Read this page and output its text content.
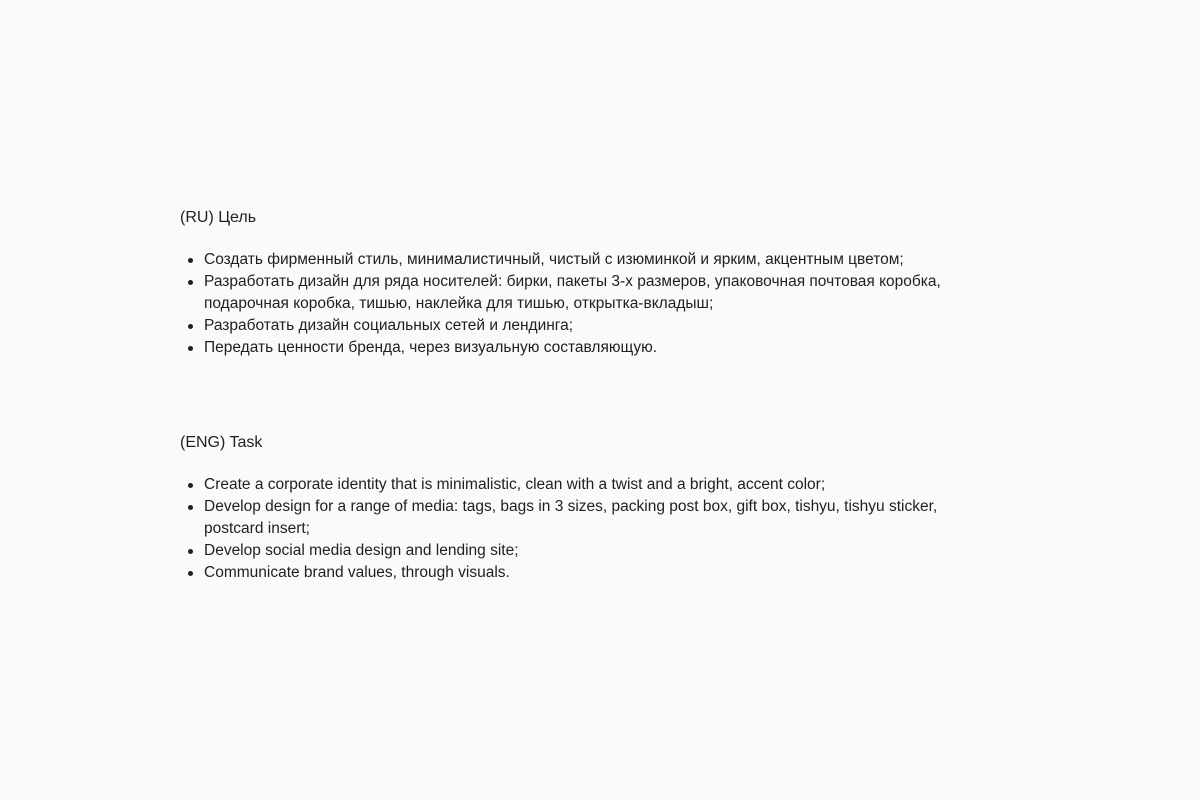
(RU) Цель
Создать фирменный стиль, минималистичный, чистый с изюминкой и ярким, акцентным цветом;
Разработать дизайн для ряда носителей: бирки, пакеты 3-х размеров, упаковочная почтовая коробка, подарочная коробка, тишью, наклейка для тишью, открытка-вкладыш;
Разработать дизайн социальных сетей и лендинга;
Передать ценности бренда, через визуальную составляющую.
(ENG) Task
Create a corporate identity that is minimalistic, clean with a twist and a bright, accent color;
Develop design for a range of media: tags, bags in 3 sizes, packing post box, gift box, tishyu, tishyu sticker, postcard insert;
Develop social media design and lending site;
Communicate brand values, through visuals.
